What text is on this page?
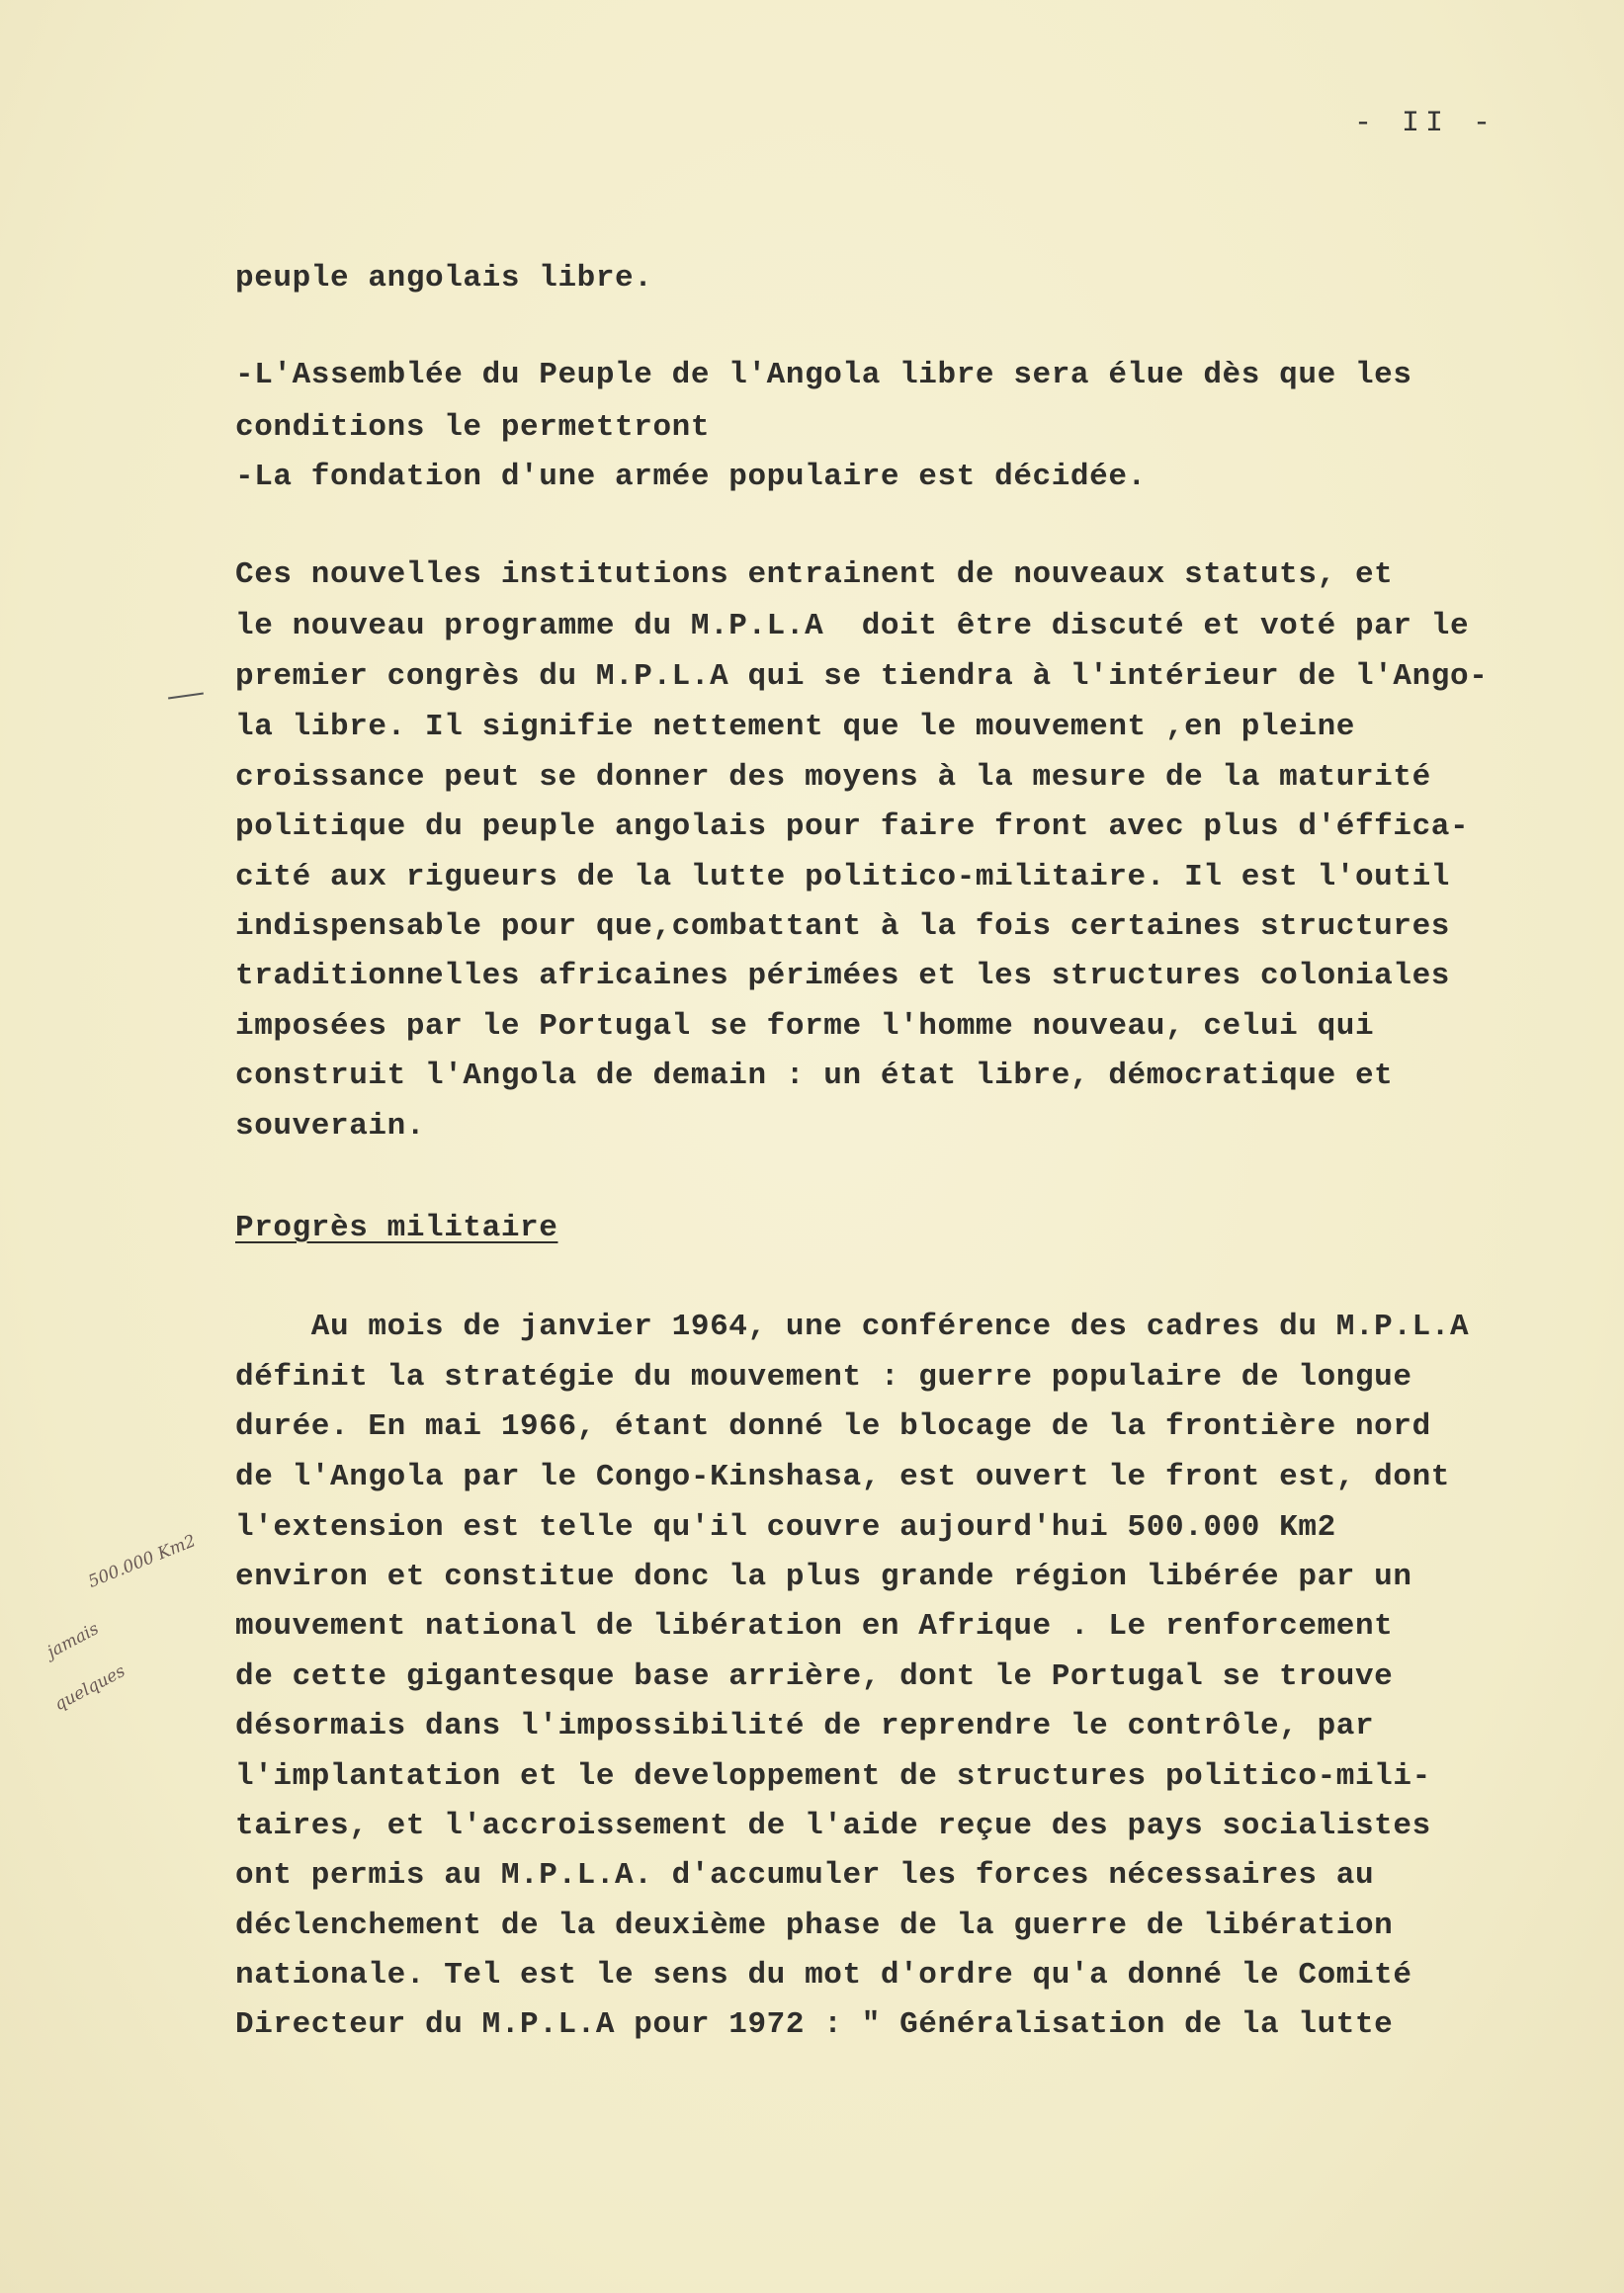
- II -
peuple angolais libre.
-L'Assemblée du Peuple de l'Angola libre sera élue dès que les
conditions le permettront
-La fondation d'une armée populaire est décidée.
Ces nouvelles institutions entrainent de nouveaux statuts, et
le nouveau programme du M.P.L.A  doit être discuté et voté par le
premier congrès du M.P.L.A qui se tiendra à l'intérieur de l'Ango-
la libre. Il signifie nettement que le mouvement ,en pleine
croissance peut se donner des moyens à la mesure de la maturité
politique du peuple angolais pour faire front avec plus d'éffica-
cité aux rigueurs de la lutte politico-militaire. Il est l'outil
indispensable pour que,combattant à la fois certaines structures
traditionnelles africaines périmées et les structures coloniales
imposées par le Portugal se forme l'homme nouveau, celui qui
construit l'Angola de demain : un état libre, démocratique et
souverain.
Progrès militaire
Au mois de janvier 1964, une conférence des cadres du M.P.L.A
définit la stratégie du mouvement : guerre populaire de longue
durée. En mai 1966, étant donné le blocage de la frontière nord
de l'Angola par le Congo-Kinshasa, est ouvert le front est, dont
l'extension est telle qu'il couvre aujourd'hui 500.000 Km2
environ et constitue donc la plus grande région libérée par un
mouvement national de libération en Afrique . Le renforcement
de cette gigantesque base arrière, dont le Portugal se trouve
désormais dans l'impossibilité de reprendre le contrôle, par
l'implantation et le developpement de structures politico-mili-
taires, et l'accroissement de l'aide reçue des pays socialistes
ont permis au M.P.L.A. d'accumuler les forces nécessaires au
déclenchement de la deuxième phase de la guerre de libération
nationale. Tel est le sens du mot d'ordre qu'a donné le Comité
Directeur du M.P.L.A pour 1972 : " Généralisation de la lutte
500.000 Km2
jamais
quelques
